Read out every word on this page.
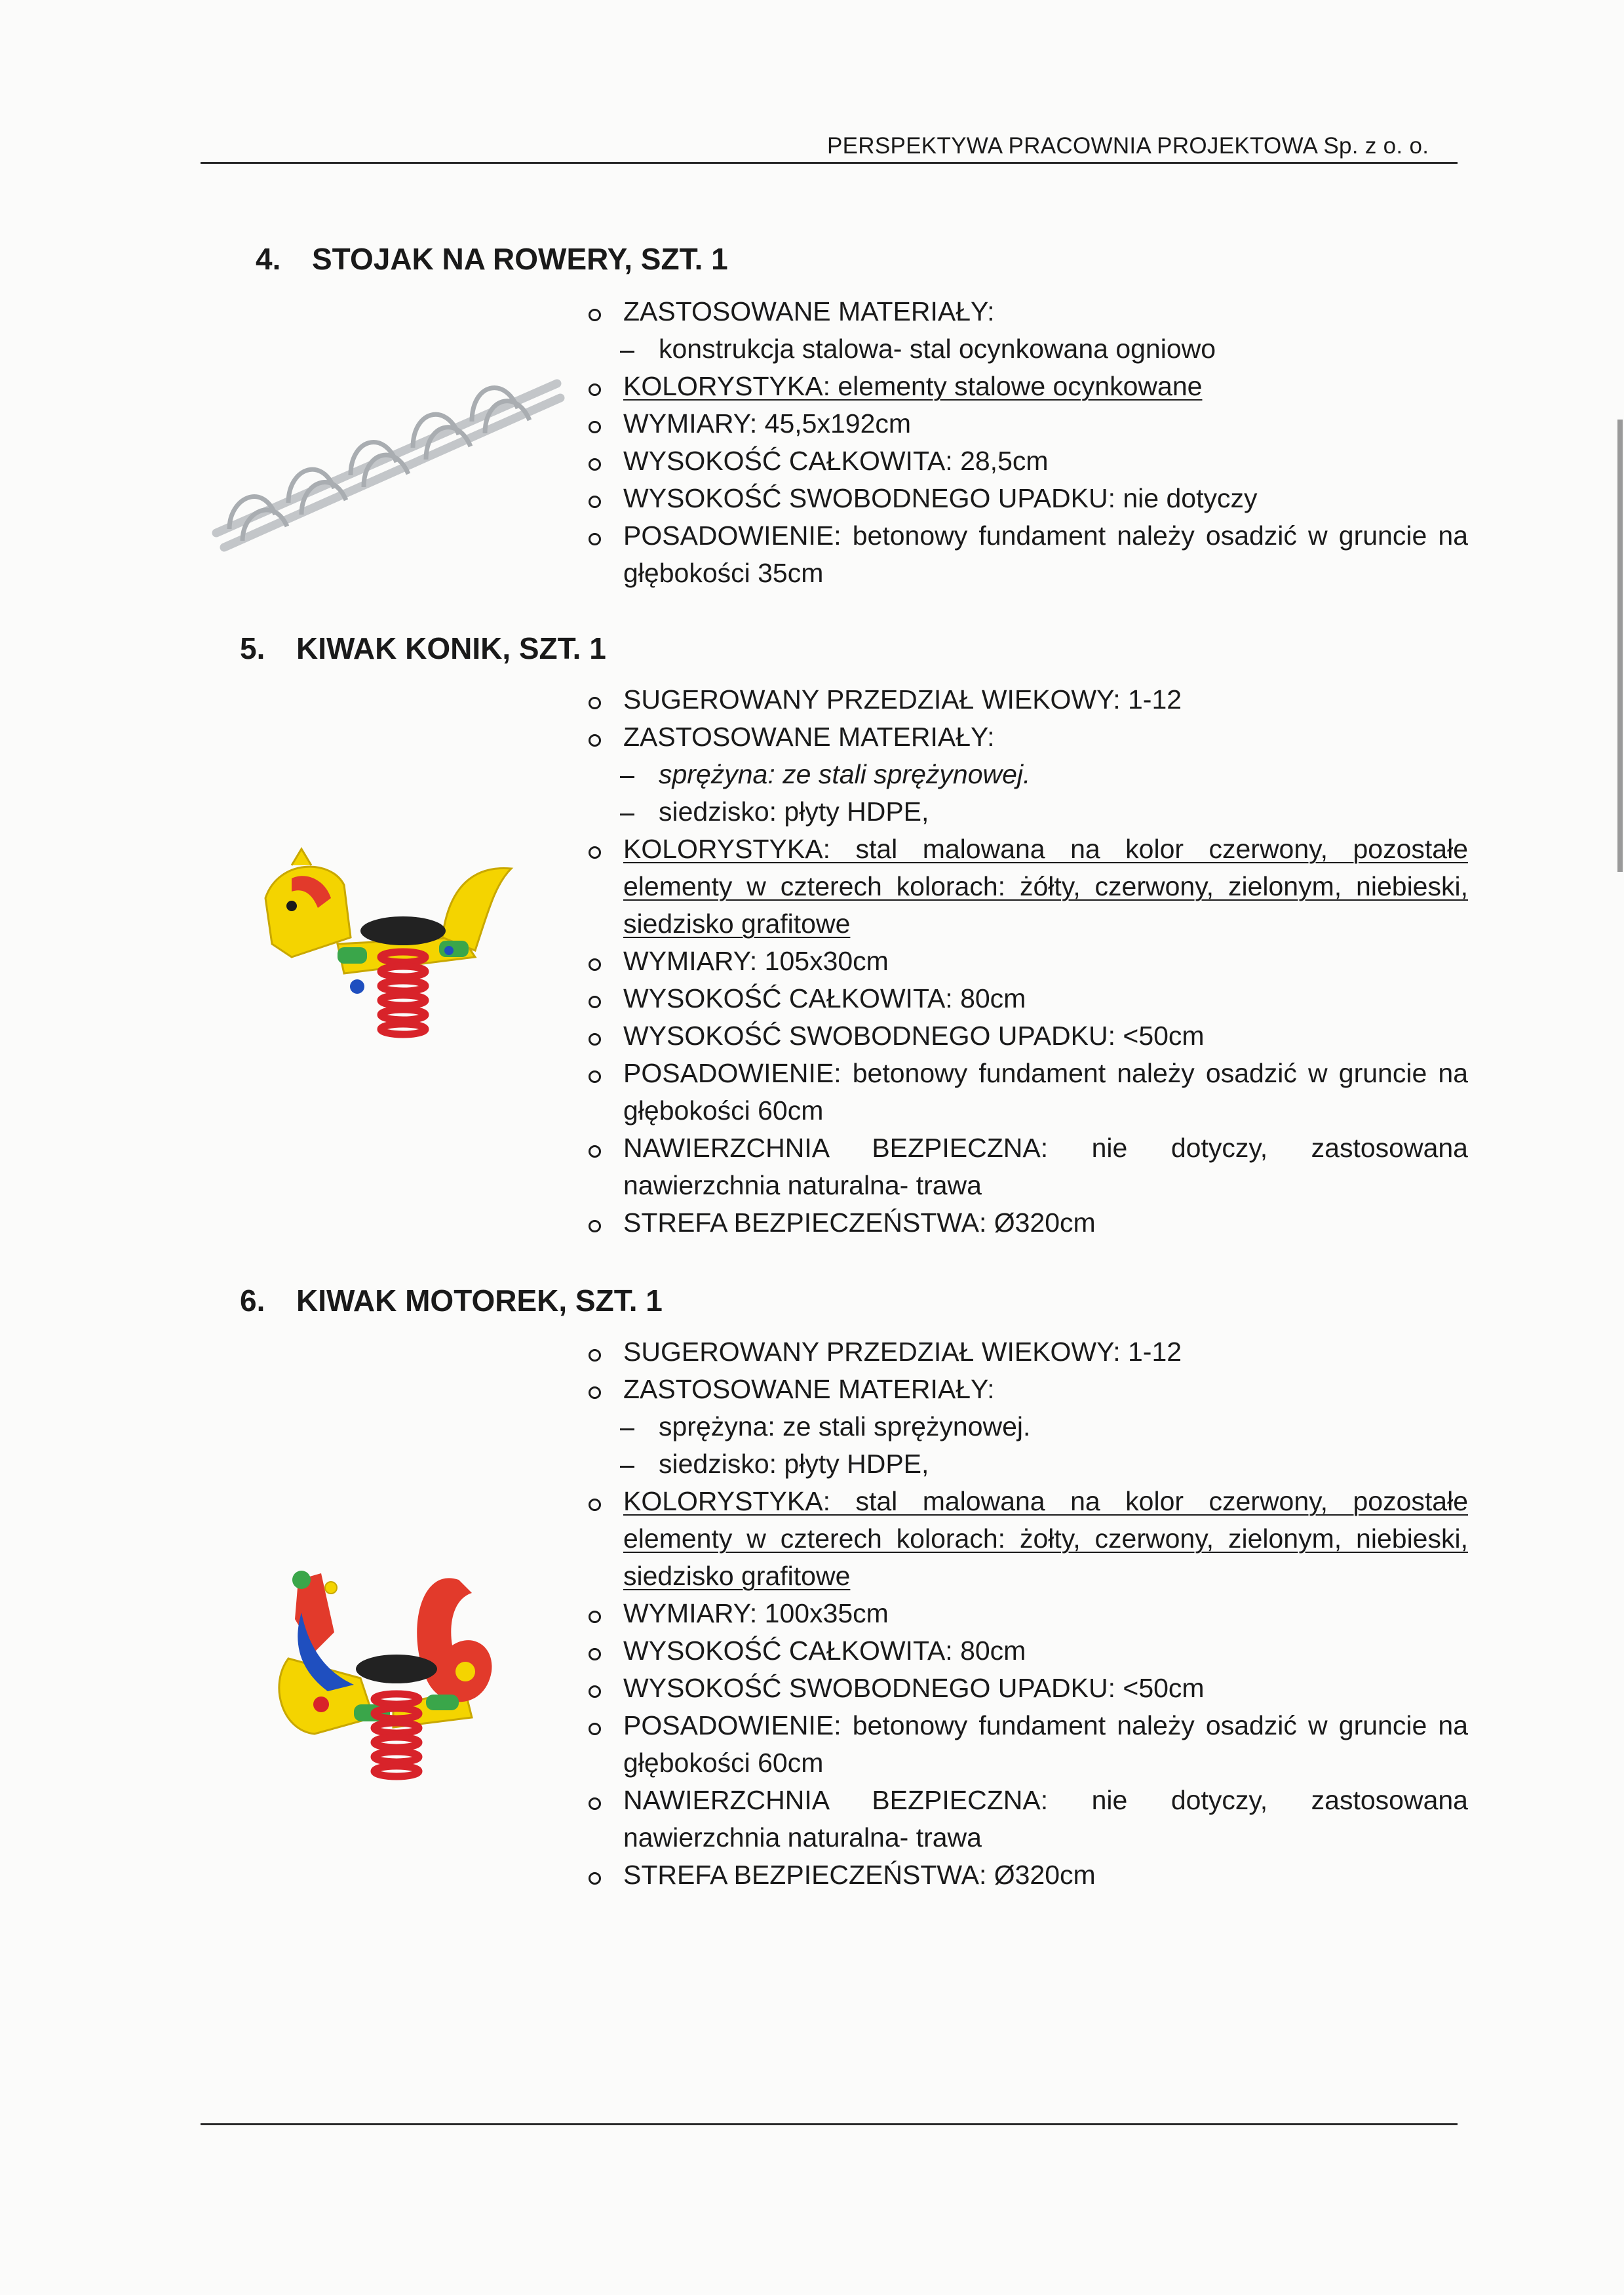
PERSPEKTYWA PRACOWNIA PROJEKTOWA Sp. z o. o.
4. STOJAK NA ROWERY, SZT. 1
ZASTOSOWANE MATERIAŁY:
konstrukcja stalowa- stal ocynkowana ogniowo
KOLORYSTYKA: elementy stalowe ocynkowane
WYMIARY: 45,5x192cm
WYSOKOŚĆ CAŁKOWITA: 28,5cm
WYSOKOŚĆ SWOBODNEGO UPADKU: nie dotyczy
POSADOWIENIE: betonowy fundament należy osadzić w gruncie na głębokości 35cm
5. KIWAK KONIK, SZT. 1
SUGEROWANY PRZEDZIAŁ WIEKOWY: 1-12
ZASTOSOWANE MATERIAŁY:
sprężyna: ze stali sprężynowej.
siedzisko: płyty HDPE,
KOLORYSTYKA: stal malowana na kolor czerwony, pozostałe elementy w czterech kolorach: żółty, czerwony, zielonym, niebieski, siedzisko grafitowe
WYMIARY: 105x30cm
WYSOKOŚĆ CAŁKOWITA: 80cm
WYSOKOŚĆ SWOBODNEGO UPADKU: <50cm
POSADOWIENIE: betonowy fundament należy osadzić w gruncie na głębokości 60cm
NAWIERZCHNIA BEZPIECZNA: nie dotyczy, zastosowana nawierzchnia naturalna- trawa
STREFA BEZPIECZEŃSTWA: Ø320cm
6. KIWAK MOTOREK, SZT. 1
SUGEROWANY PRZEDZIAŁ WIEKOWY: 1-12
ZASTOSOWANE MATERIAŁY:
sprężyna: ze stali sprężynowej.
siedzisko: płyty HDPE,
KOLORYSTYKA: stal malowana na kolor czerwony, pozostałe elementy w czterech kolorach: żołty, czerwony, zielonym, niebieski, siedzisko grafitowe
WYMIARY: 100x35cm
WYSOKOŚĆ CAŁKOWITA: 80cm
WYSOKOŚĆ SWOBODNEGO UPADKU: <50cm
POSADOWIENIE: betonowy fundament należy osadzić w gruncie na głębokości 60cm
NAWIERZCHNIA BEZPIECZNA: nie dotyczy, zastosowana nawierzchnia naturalna- trawa
STREFA BEZPIECZEŃSTWA: Ø320cm
